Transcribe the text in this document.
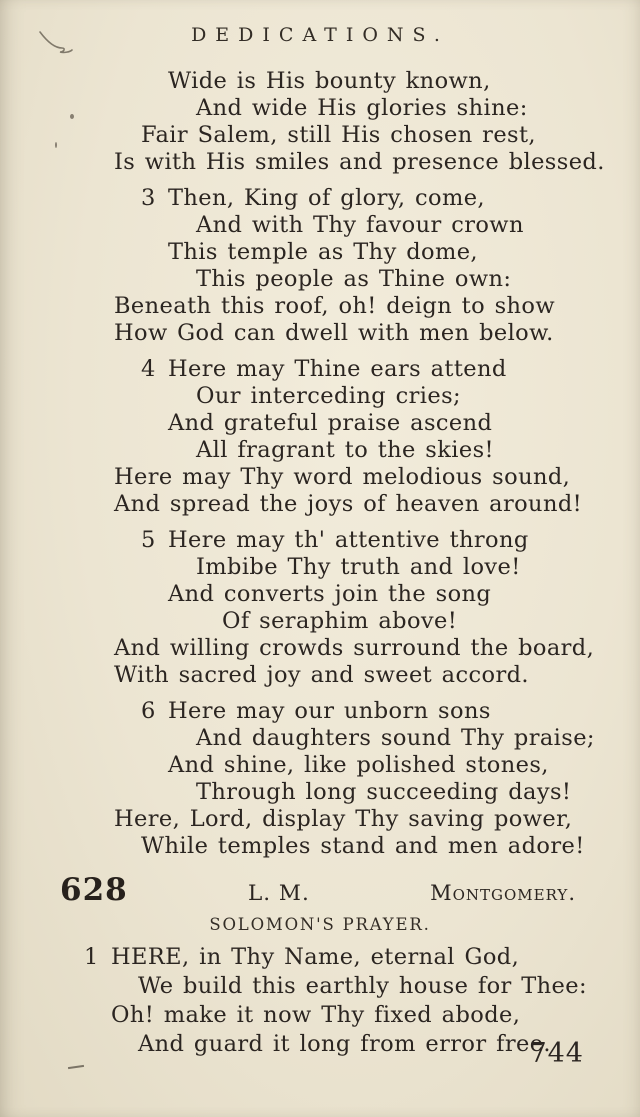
DEDICATIONS.
Wide is His bounty known,
And wide His glories shine:
Fair Salem, still His chosen rest,
Is with His smiles and presence blessed.
3 Then, King of glory, come,
And with Thy favour crown
This temple as Thy dome,
This people as Thine own:
Beneath this roof, oh! deign to show
How God can dwell with men below.
4 Here may Thine ears attend
Our interceding cries;
And grateful praise ascend
All fragrant to the skies!
Here may Thy word melodious sound,
And spread the joys of heaven around!
5 Here may th' attentive throng
Imbibe Thy truth and love!
And converts join the song
Of seraphim above!
And willing crowds surround the board,
With sacred joy and sweet accord.
6 Here may our unborn sons
And daughters sound Thy praise;
And shine, like polished stones,
Through long succeeding days!
Here, Lord, display Thy saving power,
While temples stand and men adore!
628	L. M.	Montgomery.
SOLOMON'S PRAYER.
1 HERE, in Thy Name, eternal God,
We build this earthly house for Thee:
Oh! make it now Thy fixed abode,
And guard it long from error free.
744
